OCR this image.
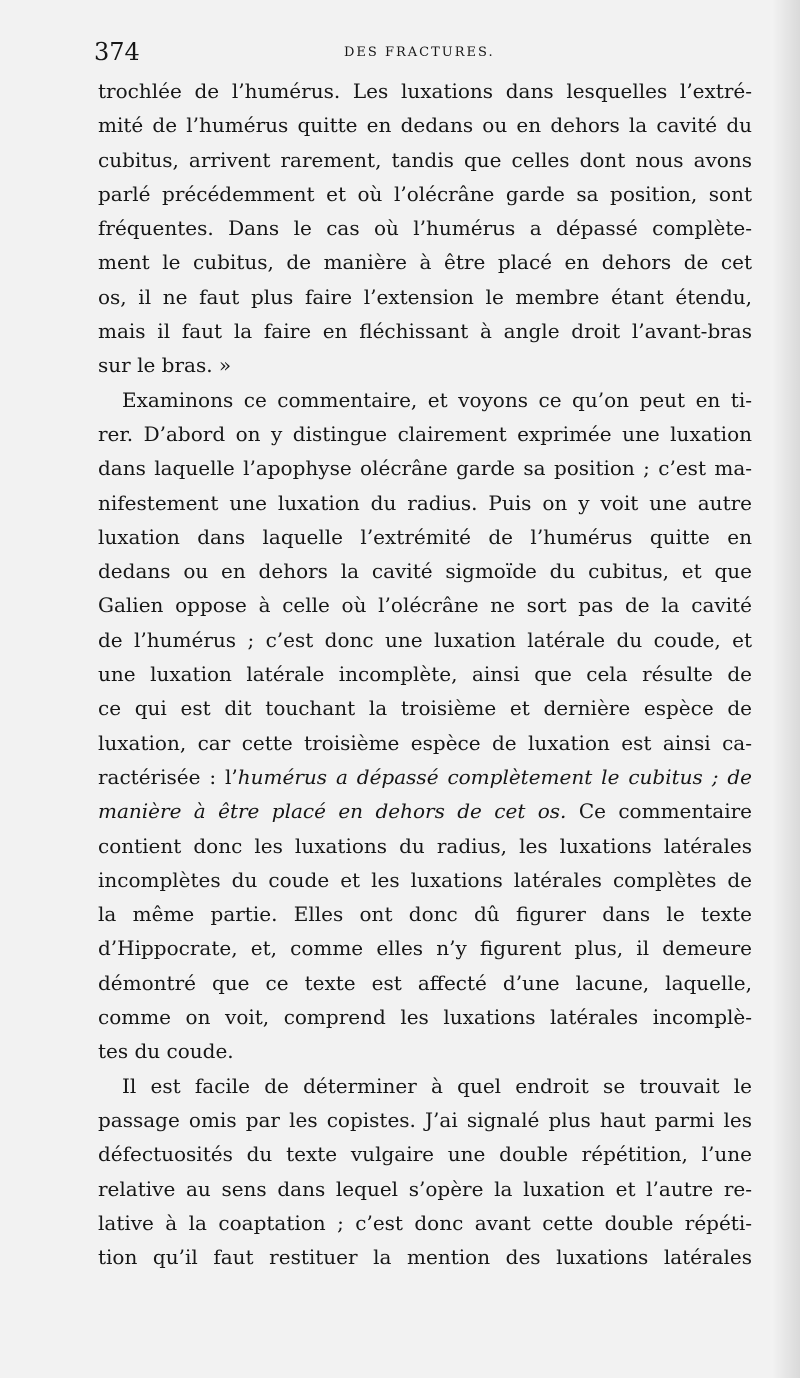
374	DES FRACTURES.
trochlée de l’humérus. Les luxations dans lesquelles l’extré-
mité de l’humérus quitte en dedans ou en dehors la cavité du
cubitus, arrivent rarement, tandis que celles dont nous avons
parlé précédemment et où l’olécrâne garde sa position, sont
fréquentes. Dans le cas où l’humérus a dépassé complète-
ment le cubitus, de manière à être placé en dehors de cet
os, il ne faut plus faire l’extension le membre étant étendu,
mais il faut la faire en fléchissant à angle droit l’avant-bras
sur le bras. »
Examinons ce commentaire, et voyons ce qu’on peut en ti-
rer. D’abord on y distingue clairement exprimée une luxation
dans laquelle l’apophyse olécrâne garde sa position ; c’est ma-
nifestement une luxation du radius. Puis on y voit une autre
luxation dans laquelle l’extrémité de l’humérus quitte en
dedans ou en dehors la cavité sigmoïde du cubitus, et que
Galien oppose à celle où l’olécrâne ne sort pas de la cavité
de l’humérus ; c’est donc une luxation latérale du coude, et
une luxation latérale incomplète, ainsi que cela résulte de
ce qui est dit touchant la troisième et dernière espèce de
luxation, car cette troisième espèce de luxation est ainsi ca-
ractérisée : l’humérus a dépassé complètement le cubitus ; de
manière à être placé en dehors de cet os. Ce commentaire
contient donc les luxations du radius, les luxations latérales
incomplètes du coude et les luxations latérales complètes de
la même partie. Elles ont donc dû figurer dans le texte
d’Hippocrate, et, comme elles n’y figurent plus, il demeure
démontré que ce texte est affecté d’une lacune, laquelle,
comme on voit, comprend les luxations latérales incomplè-
tes du coude.
Il est facile de déterminer à quel endroit se trouvait le
passage omis par les copistes. J’ai signalé plus haut parmi les
défectuosités du texte vulgaire une double répétition, l’une
relative au sens dans lequel s’opère la luxation et l’autre re-
lative à la coaptation ; c’est donc avant cette double répéti-
tion qu’il faut restituer la mention des luxations latérales
